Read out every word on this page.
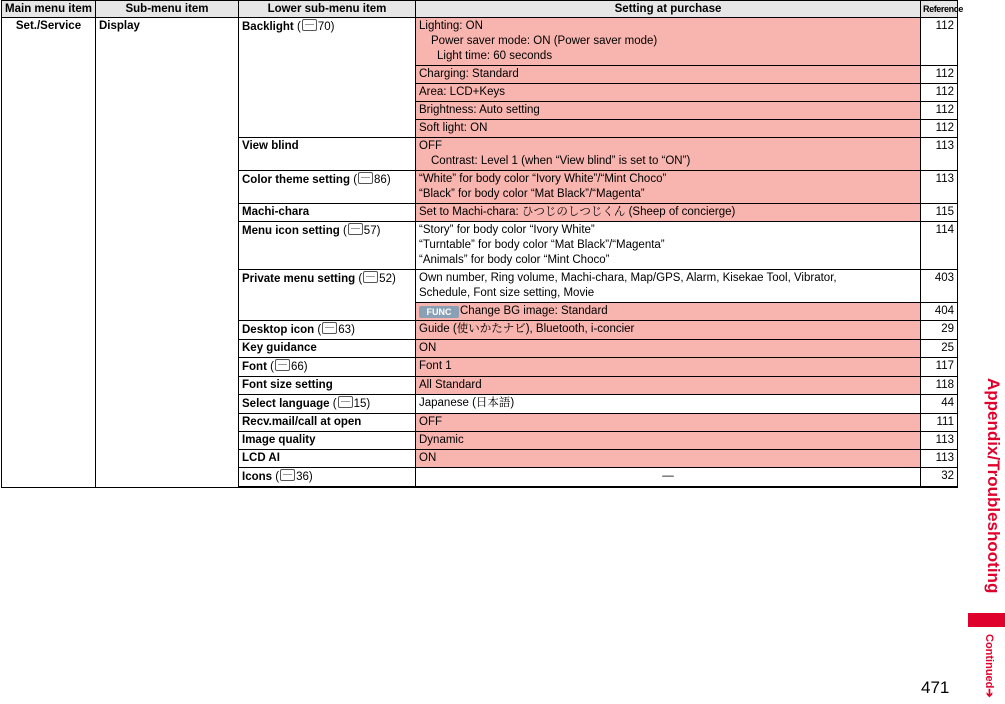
Main menu item	Sub-menu item	Lower sub-menu item	Setting at purchase	Reference
Set./Service	Display	Backlight ( 70)	Lighting: ON
Power saver mode: ON (Power saver mode)
Light time: 60 seconds	112
			Charging: Standard	112
			Area: LCD+Keys	112
			Brightness: Auto setting	112
			Soft light: ON	112
		View blind	OFF
Contrast: Level 1 (when “View blind” is set to “ON”)	113
		Color theme setting ( 86)	“White” for body color “Ivory White”/“Mint Choco”
“Black” for body color “Mat Black”/“Magenta”	113
		Machi-chara	Set to Machi-chara: ひつじのしつじくん (Sheep of concierge)	115
		Menu icon setting ( 57)	“Story” for body color “Ivory White”
“Turntable” for body color “Mat Black”/“Magenta”
“Animals” for body color “Mint Choco”	114
		Private menu setting ( 52)	Own number, Ring volume, Machi-chara, Map/GPS, Alarm, Kisekae Tool, Vibrator,
Schedule, Font size setting, Movie	403
			FUNC Change BG image: Standard	404
		Desktop icon ( 63)	Guide (使いかたナビ), Bluetooth, i-concier	29
		Key guidance	ON	25
		Font ( 66)	Font 1	117
		Font size setting	All Standard	118
		Select language ( 15)	Japanese (日本語)	44
		Recv.mail/call at open	OFF	111
		Image quality	Dynamic	113
		LCD AI	ON	113
		Icons ( 36)	—	32 Appendix/Troubleshooting
Continued➔
471
